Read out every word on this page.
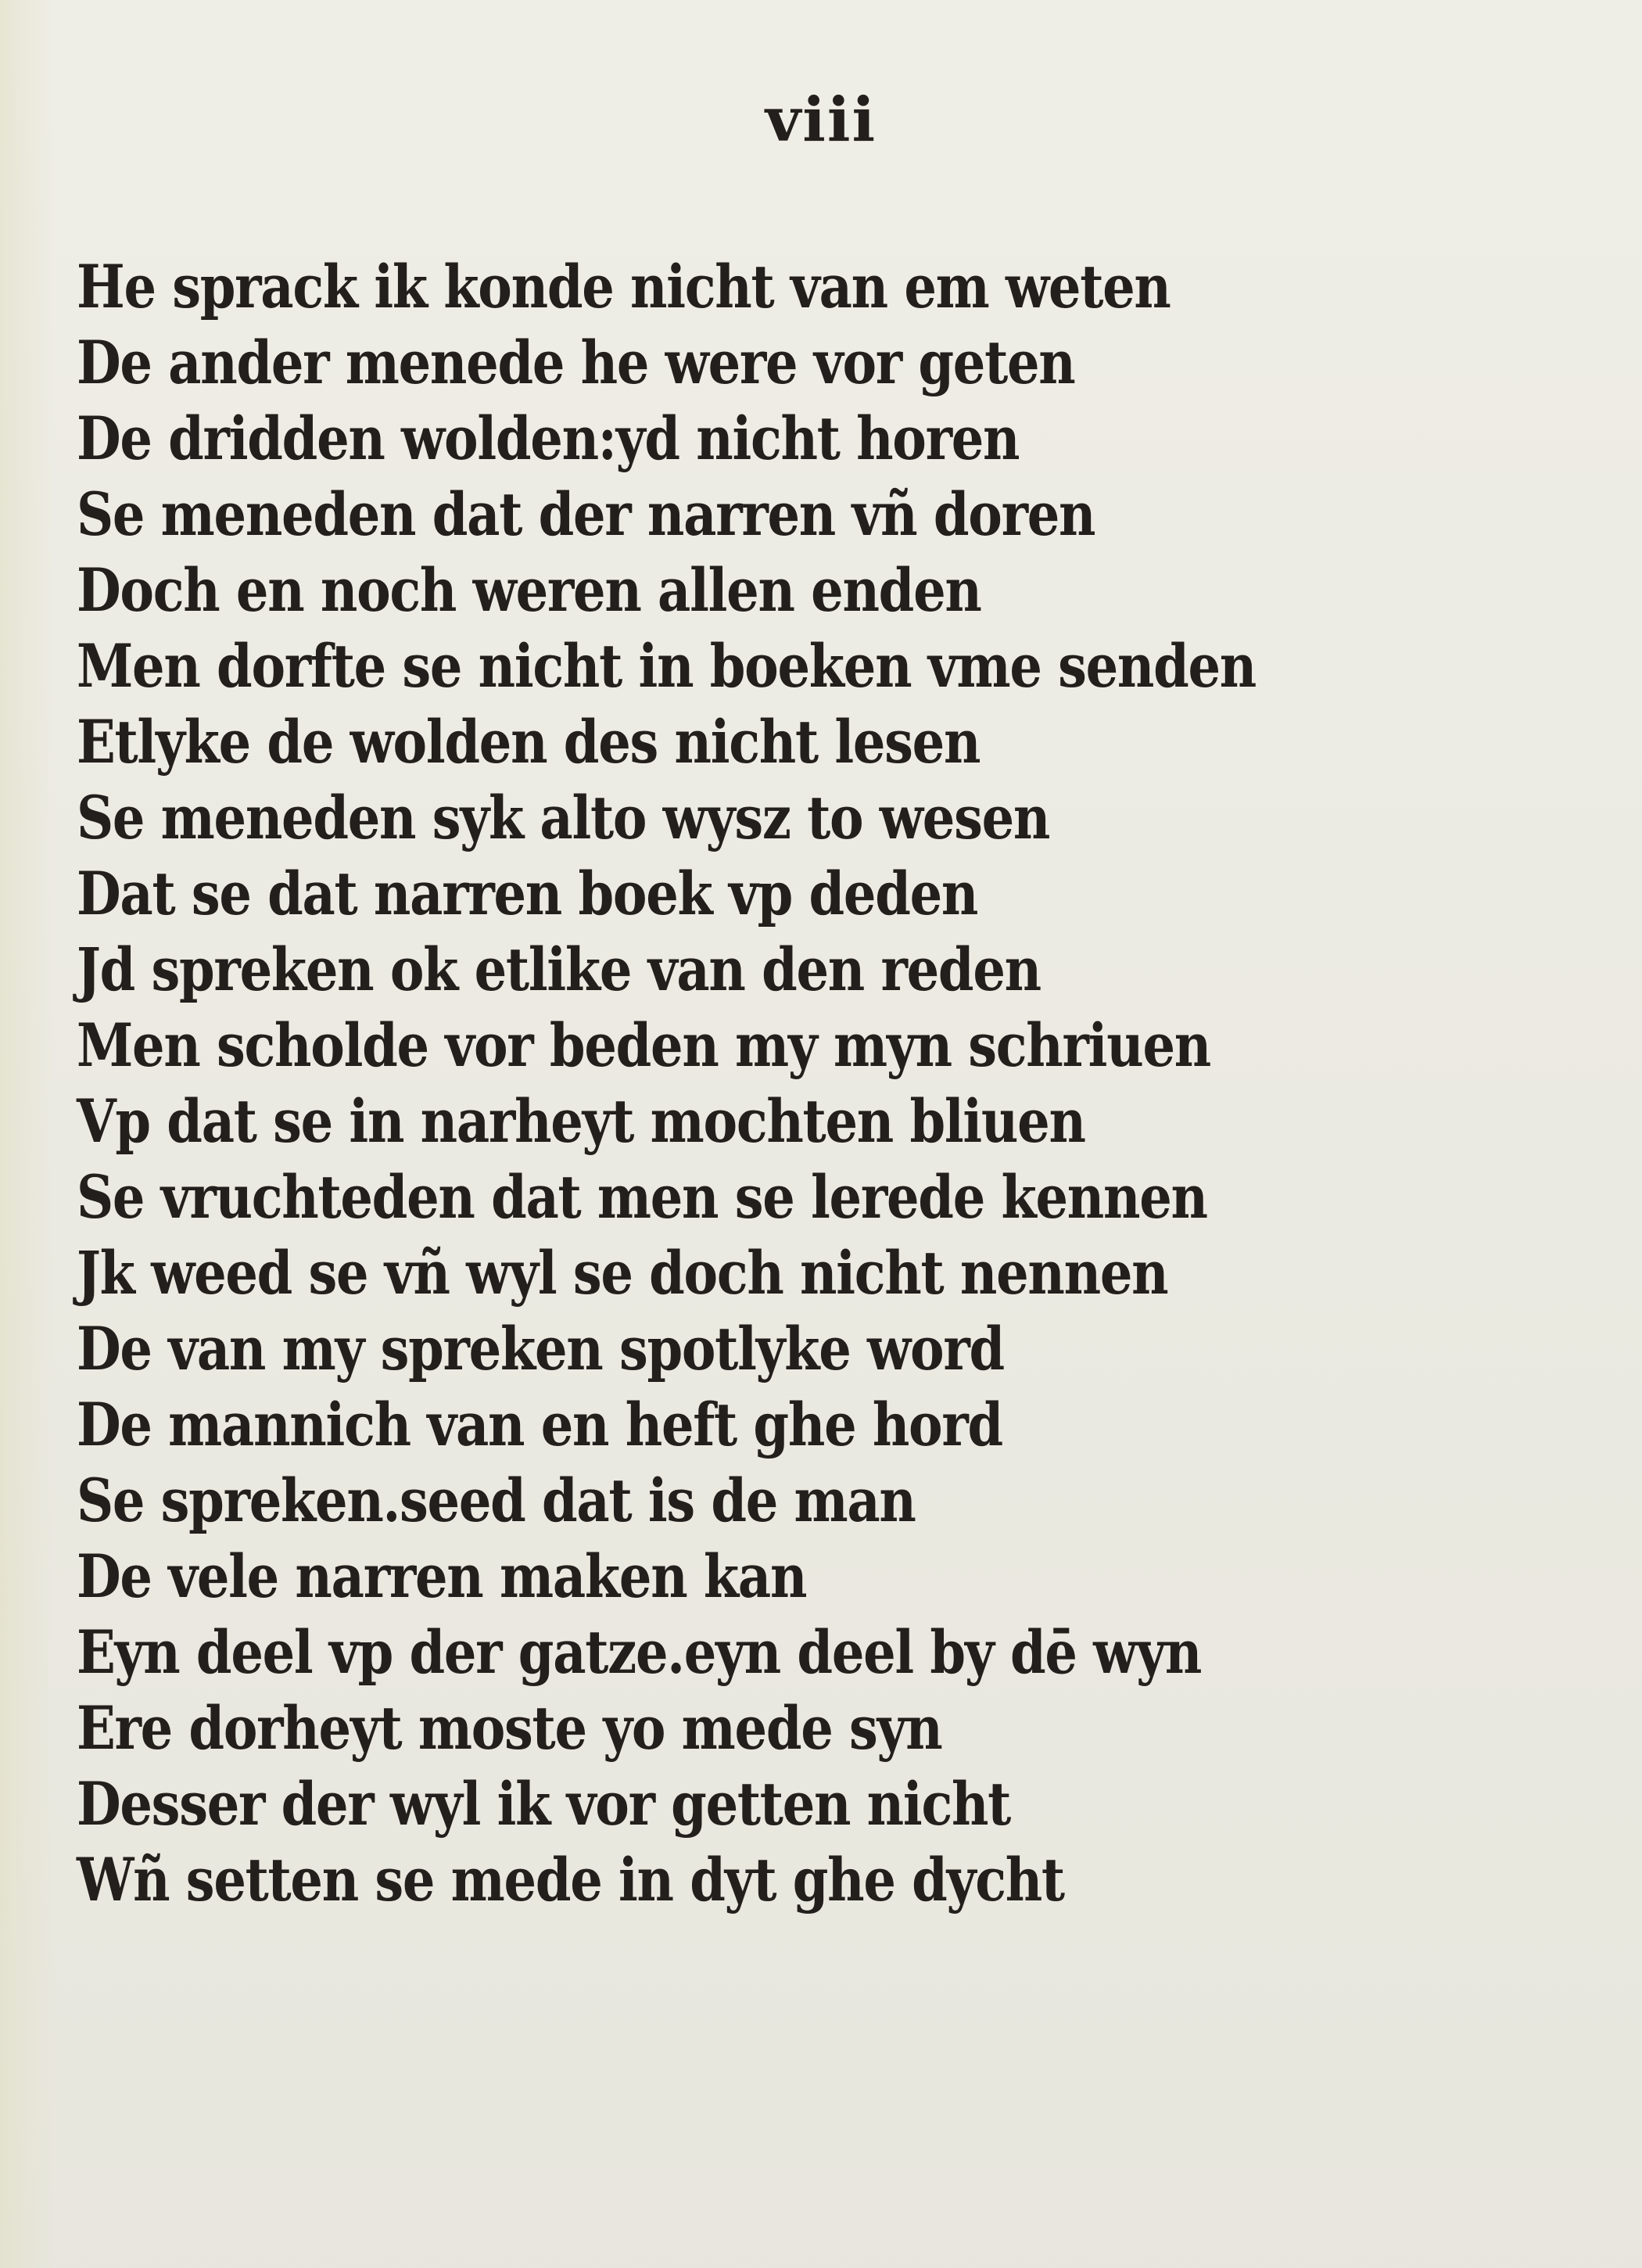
viii
He sprack ik konde nicht van em weten
De ander menede he were vor geten
De dridden wolden:yd nicht horen
Se meneden dat der narren vñ doren
Doch en noch weren allen enden
Men dorfte se nicht in boeken vme senden
Etlyke de wolden des nicht lesen
Se meneden syk alto wysz to wesen
Dat se dat narren boek vp deden
Jd spreken ok etlike van den reden
Men scholde vor beden my myn schriuen
Vp dat se in narheyt mochten bliuen
Se vruchteden dat men se lerede kennen
Jk weed se vñ wyl se doch nicht nennen
De van my spreken spotlyke word
De mannich van en heft ghe hord
Se spreken.seed dat is de man
De vele narren maken kan
Eyn deel vp der gatze.eyn deel by dē wyn
Ere dorheyt moste yo mede syn
Desser der wyl ik vor getten nicht
Wñ setten se mede in dyt ghe dycht
